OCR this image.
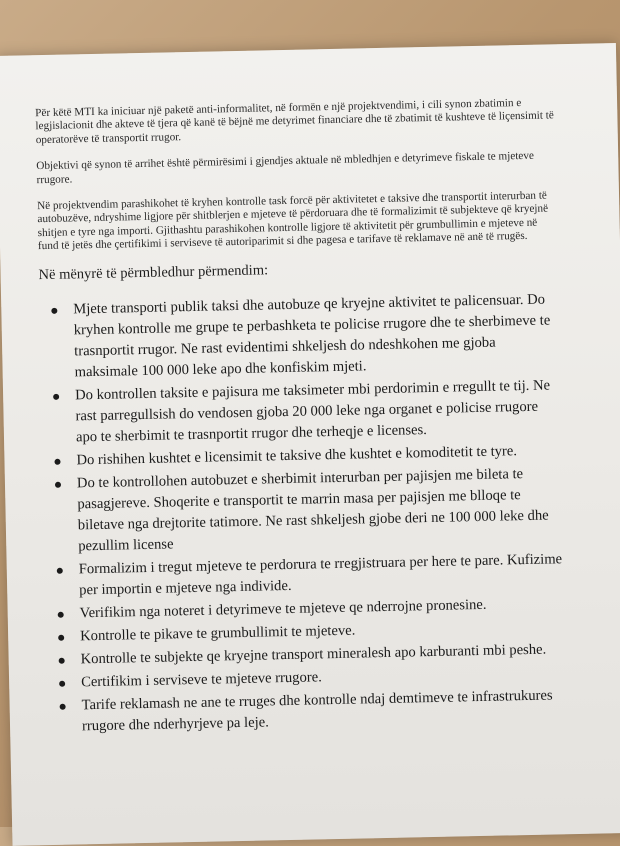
Për këtë MTI ka iniciuar një paketë anti-informalitet, në formën e një projektvendimi, i cili synon zbatimin e legjislacionit dhe akteve të tjera që kanë të bëjnë me detyrimet financiare dhe të zbatimit të kushteve të liçensimit të operatorëve të transportit rrugor.

Objektivi që synon të arrihet është përmirësimi i gjendjes aktuale në mbledhjen e detyrimeve fiskale te mjeteve rrugore.

Në projektvendim parashikohet të kryhen kontrolle task forcë për aktivitetet e taksive dhe transportit interurban të autobuzëve, ndryshime ligjore për shitblerjen e mjeteve të përdoruara dhe të formalizimit të subjekteve që kryejnë shitjen e tyre nga importi. Gjithashtu parashikohen kontrolle ligjore të aktivitetit për grumbullimin e mjeteve në fund të jetës dhe çertifikimi i serviseve të autoriparimit si dhe pagesa e tarifave të reklamave në anë të rrugës.

Në mënyrë të përmbledhur përmendim:
Mjete transporti publik taksi dhe autobuze qe kryejne aktivitet te palicensuar. Do kryhen kontrolle me grupe te perbashketa te policise rrugore dhe te sherbimeve te trasnportit rrugor. Ne rast evidentimi shkeljesh do ndeshkohen me gjoba maksimale 100 000 leke apo dhe konfiskim mjeti.
Do kontrollen taksite e pajisura me taksimeter mbi perdorimin e rregullt te tij. Ne rast parregullsish do vendosen gjoba 20 000 leke nga organet e policise rrugore apo te sherbimit te trasnportit rrugor dhe terheqje e licenses.
Do rishihen kushtet e licensimit te taksive dhe kushtet e komoditetit te tyre.
Do te kontrollohen autobuzet e sherbimit interurban per pajisjen me bileta te pasagjereve. Shoqerite e transportit te marrin masa per pajisjen me blloqe te biletave nga drejtorite tatimore. Ne rast shkeljesh gjobe deri ne 100 000 leke dhe pezullim license
Formalizim i tregut mjeteve te perdorura te rregjistruara per here te pare. Kufizime per importin e mjeteve nga individe.
Verifikim nga noteret i detyrimeve te mjeteve qe nderrojne pronesine.
Kontrolle te pikave te grumbullimit te mjeteve.
Kontrolle te subjekte qe kryejne transport mineralesh apo karburanti mbi peshe.
Certifikim i serviseve te mjeteve rrugore.
Tarife reklamash ne ane te rruges dhe kontrolle ndaj demtimeve te infrastrukures rrugore dhe nderhyrjeve pa leje.
